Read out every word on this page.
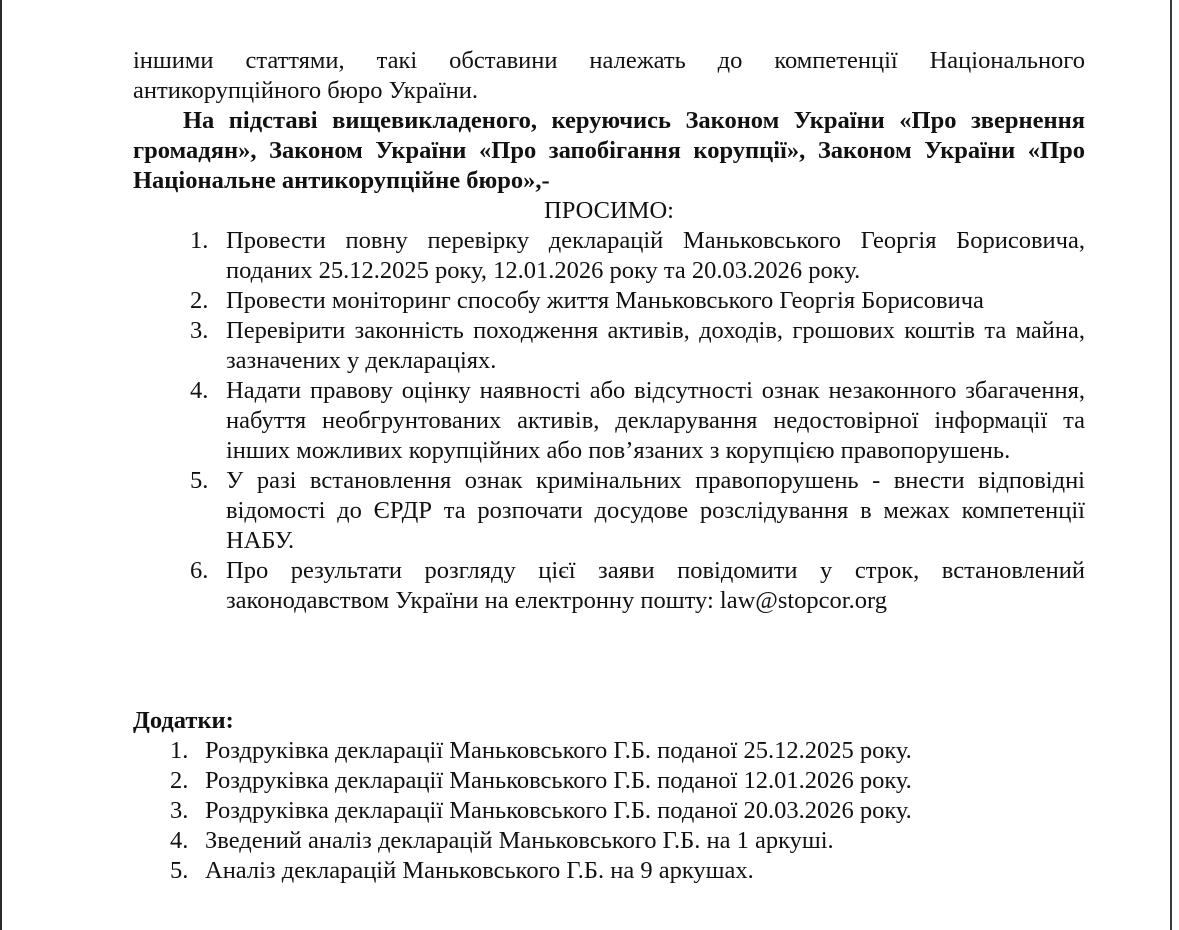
іншими статтями, такі обставини належать до компетенції Національного антикорупційного бюро України.

На підставі вищевикладеного, керуючись Законом України «Про звернення громадян», Законом України «Про запобігання корупції», Законом України «Про Національне антикорупційне бюро»,-

ПРОСИМО:

1. Провести повну перевірку декларацій Маньковського Георгія Борисовича, поданих 25.12.2025 року, 12.01.2026 року та 20.03.2026 року.
2. Провести моніторинг способу життя Маньковського Георгія Борисовича
3. Перевірити законність походження активів, доходів, грошових коштів та майна, зазначених у деклараціях.
4. Надати правову оцінку наявності або відсутності ознак незаконного збагачення, набуття необгрунтованих активів, декларування недостовірної інформації та інших можливих корупційних або пов’язаних з корупцією правопорушень.
5. У разі встановлення ознак кримінальних правопорушень - внести відповідні відомості до ЄРДР та розпочати досудове розслідування в межах компетенції НАБУ.
6. Про результати розгляду цієї заяви повідомити у строк, встановлений законодавством України на електронну пошту: law@stopcor.org

Додатки:

1. Роздруківка декларації Маньковського Г.Б. поданої 25.12.2025 року.
2. Роздруківка декларації Маньковського Г.Б. поданої 12.01.2026 року.
3. Роздруківка декларації Маньковського Г.Б. поданої 20.03.2026 року.
4. Зведений аналіз декларацій Маньковського Г.Б. на 1 аркуші.
5. Аналіз декларацій Маньковського Г.Б. на 9 аркушах.
